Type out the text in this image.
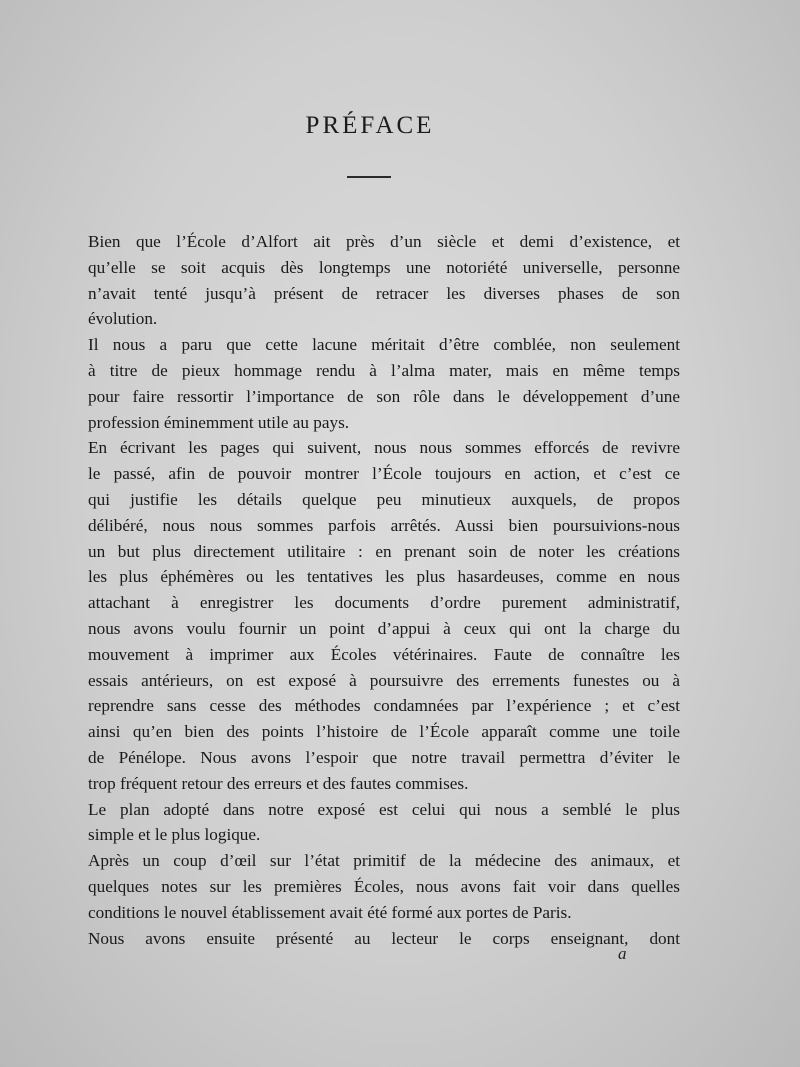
PRÉFACE

Bien que l’École d’Alfort ait près d’un siècle et demi d’existence, et
qu’elle se soit acquis dès longtemps une notoriété universelle, personne
n’avait tenté jusqu’à présent de retracer les diverses phases de son
évolution.

Il nous a paru que cette lacune méritait d’être comblée, non seulement
à titre de pieux hommage rendu à l’alma mater, mais en même temps
pour faire ressortir l’importance de son rôle dans le développement d’une
profession éminemment utile au pays.

En écrivant les pages qui suivent, nous nous sommes efforcés de revivre
le passé, afin de pouvoir montrer l’École toujours en action, et c’est ce
qui justifie les détails quelque peu minutieux auxquels, de propos
délibéré, nous nous sommes parfois arrêtés. Aussi bien poursuivions-nous
un but plus directement utilitaire : en prenant soin de noter les créations
les plus éphémères ou les tentatives les plus hasardeuses, comme en nous
attachant à enregistrer les documents d’ordre purement administratif,
nous avons voulu fournir un point d’appui à ceux qui ont la charge du
mouvement à imprimer aux Écoles vétérinaires. Faute de connaître les
essais antérieurs, on est exposé à poursuivre des errements funestes ou à
reprendre sans cesse des méthodes condamnées par l’expérience ; et c’est
ainsi qu’en bien des points l’histoire de l’École apparaît comme une toile
de Pénélope. Nous avons l’espoir que notre travail permettra d’éviter le
trop fréquent retour des erreurs et des fautes commises.

Le plan adopté dans notre exposé est celui qui nous a semblé le plus
simple et le plus logique.

Après un coup d’œil sur l’état primitif de la médecine des animaux, et
quelques notes sur les premières Écoles, nous avons fait voir dans quelles
conditions le nouvel établissement avait été formé aux portes de Paris.

Nous avons ensuite présenté au lecteur le corps enseignant, dont

a
